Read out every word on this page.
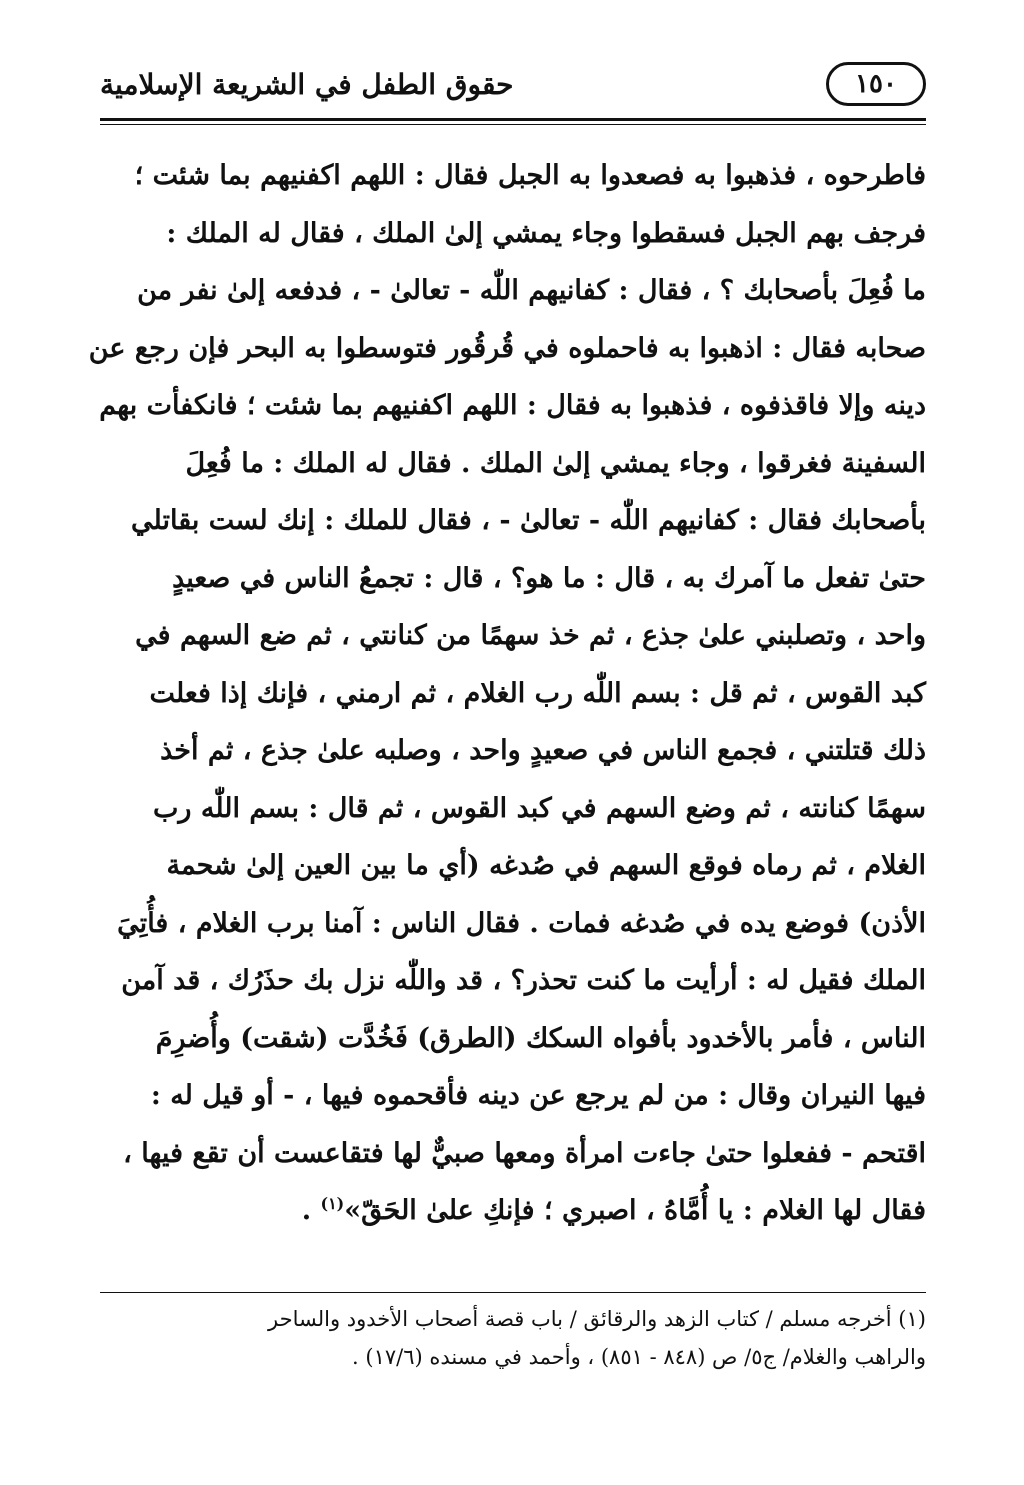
حقوق الطفل في الشريعة الإسلامية	١٥٠
فاطرحوه ، فذهبوا به فصعدوا به الجبل فقال : اللهم اكفنيهم بما شئت ؛
فرجف بهم الجبل فسقطوا وجاء يمشي إلىٰ الملك ، فقال له الملك :
ما فُعِلَ بأصحابك ؟ ، فقال : كفانيهم اللّٰه - تعالىٰ - ، فدفعه إلىٰ نفر من
صحابه فقال : اذهبوا به فاحملوه في قُرقُور فتوسطوا به البحر فإن رجع عن
دينه وإلا فاقذفوه ، فذهبوا به فقال : اللهم اكفنيهم بما شئت ؛ فانكفأت بهم
السفينة فغرقوا ، وجاء يمشي إلىٰ الملك . فقال له الملك : ما فُعِلَ
بأصحابك فقال : كفانيهم اللّٰه - تعالىٰ - ، فقال للملك : إنك لست بقاتلي
حتىٰ تفعل ما آمرك به ، قال : ما هو؟ ، قال : تجمعُ الناس في صعيدٍ
واحد ، وتصلبني علىٰ جذع ، ثم خذ سهمًا من كنانتي ، ثم ضع السهم في
كبد القوس ، ثم قل : بسم اللّٰه رب الغلام ، ثم ارمني ، فإنك إذا فعلت
ذلك قتلتني ، فجمع الناس في صعيدٍ واحد ، وصلبه علىٰ جذع ، ثم أخذ
سهمًا كنانته ، ثم وضع السهم في كبد القوس ، ثم قال : بسم اللّٰه رب
الغلام ، ثم رماه فوقع السهم في صُدغه (أي ما بين العين إلىٰ شحمة
الأذن) فوضع يده في صُدغه فمات . فقال الناس : آمنا برب الغلام ، فأُتِيَ
الملك فقيل له : أرأيت ما كنت تحذر؟ ، قد واللّٰه نزل بك حذَرُك ، قد آمن
الناس ، فأمر بالأخدود بأفواه السكك (الطرق) فَخُدَّت (شقت) وأُضرِمَ
فيها النيران وقال : من لم يرجع عن دينه فأقحموه فيها ، - أو قيل له :
اقتحم - ففعلوا حتىٰ جاءت امرأة ومعها صبيٌّ لها فتقاعست أن تقع فيها ،
فقال لها الغلام : يا أُمَّاهُ ، اصبري ؛ فإنكِ علىٰ الحَقّ»$^{(١)}$ .
(١) أخرجه مسلم / كتاب الزهد والرقائق / باب قصة أصحاب الأخدود والساحر
والراهب والغلام/ ج٥/ ص (٨٤٨ - ٨٥١) ، وأحمد في مسنده (١٧/٦) .
